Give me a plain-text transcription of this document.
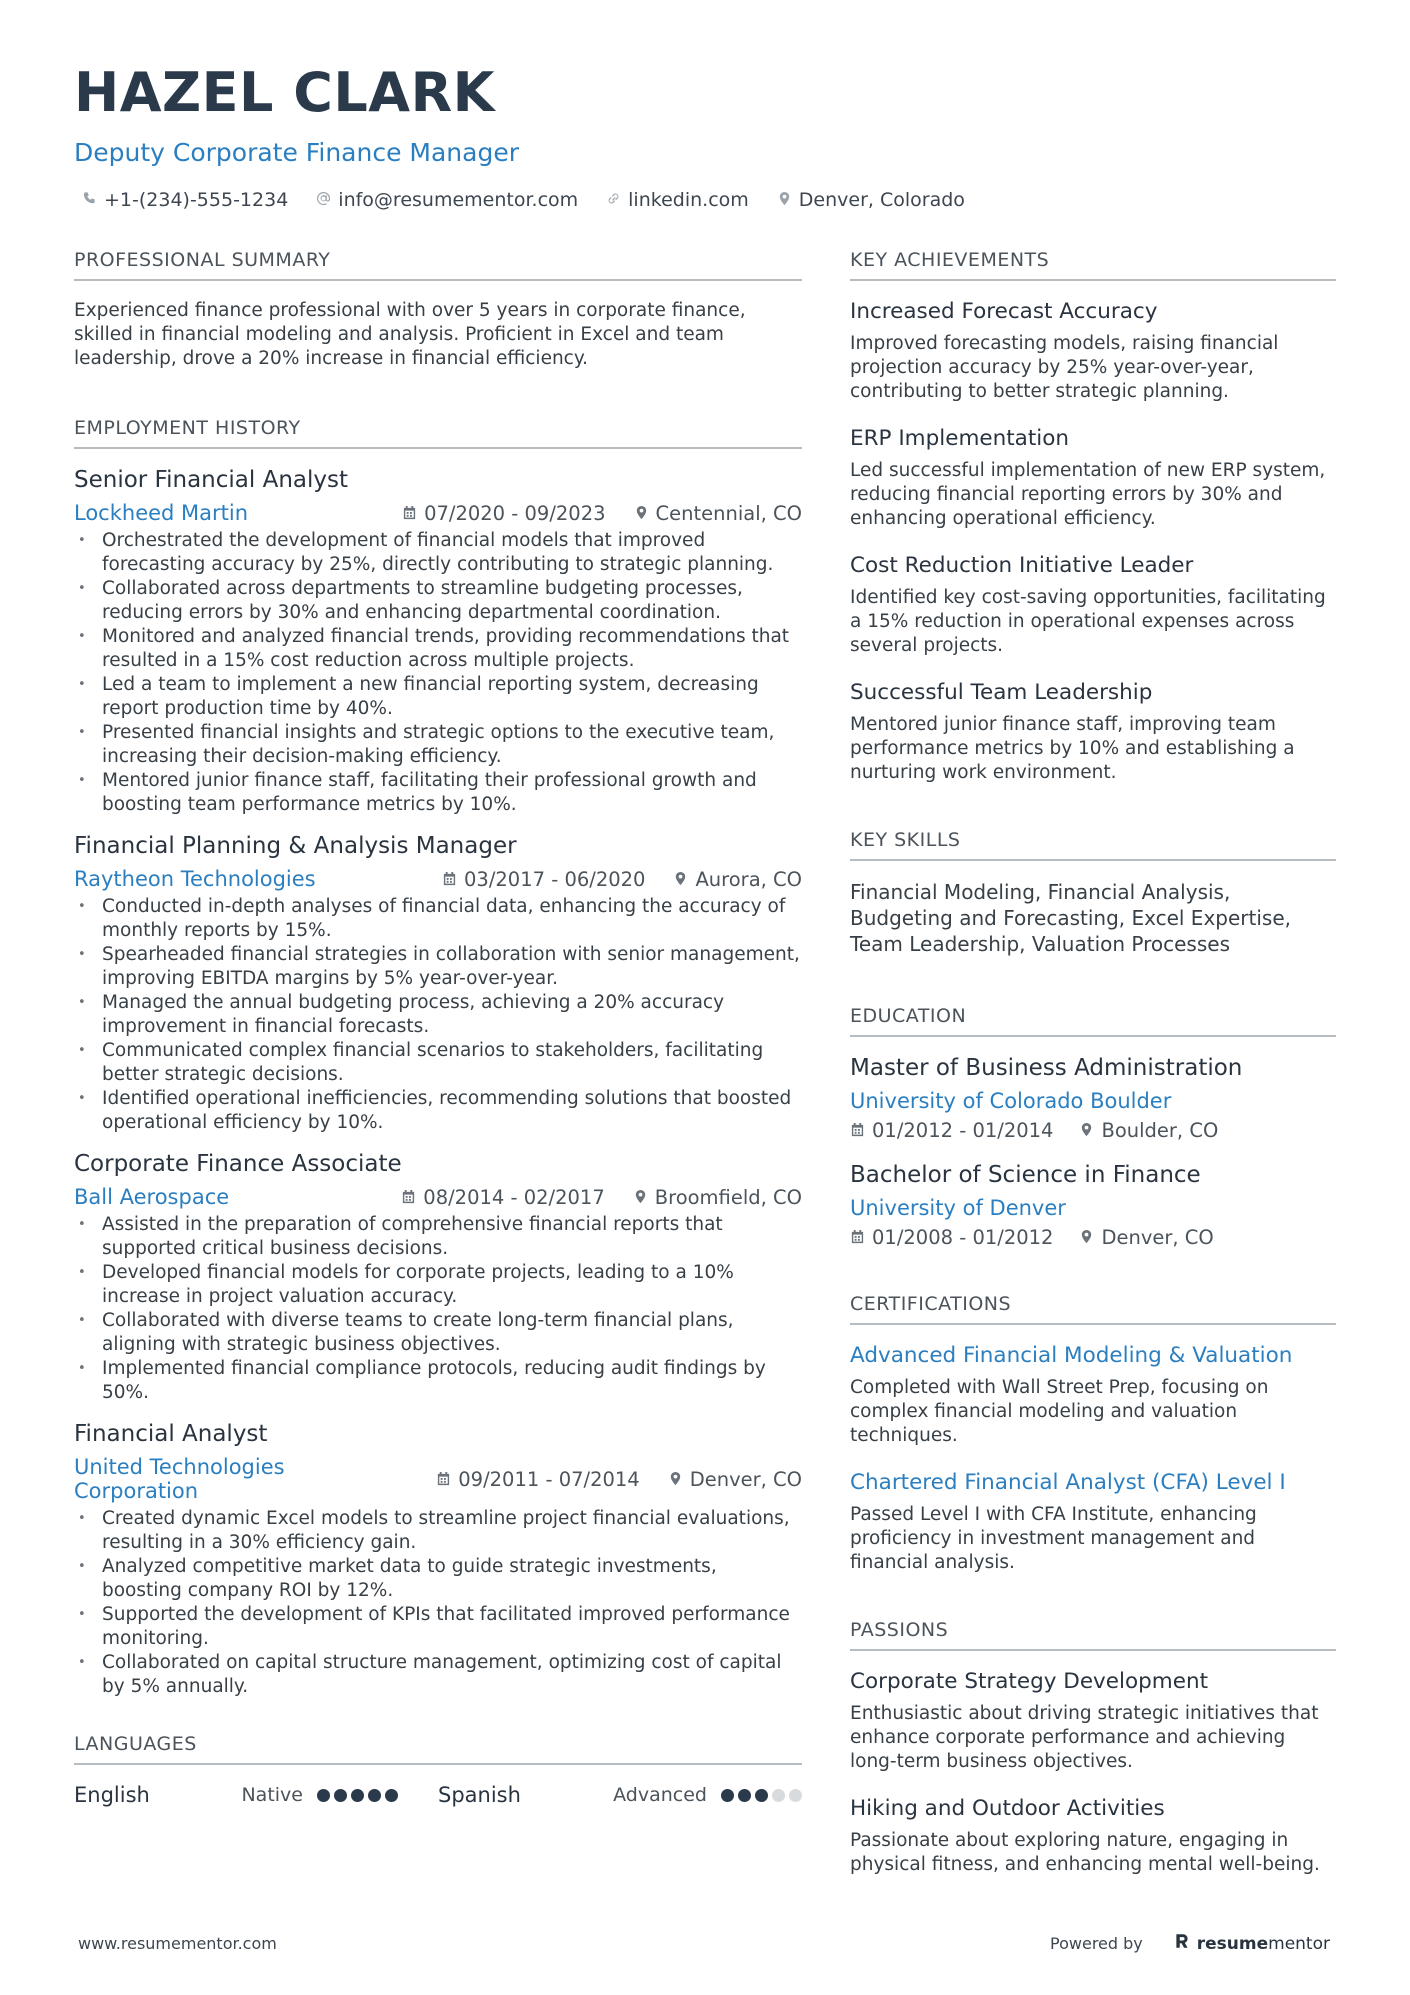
HAZEL CLARK
Deputy Corporate Finance Manager
+1-(234)-555-1234	info@resumementor.com	linkedin.com	Denver, Colorado
PROFESSIONAL SUMMARY
Experienced finance professional with over 5 years in corporate finance, skilled in financial modeling and analysis. Proficient in Excel and team leadership, drove a 20% increase in financial efficiency.
EMPLOYMENT HISTORY
Senior Financial Analyst
Lockheed Martin	07/2020 - 09/2023	Centennial, CO
• Orchestrated the development of financial models that improved forecasting accuracy by 25%, directly contributing to strategic planning.
• Collaborated across departments to streamline budgeting processes, reducing errors by 30% and enhancing departmental coordination.
• Monitored and analyzed financial trends, providing recommendations that resulted in a 15% cost reduction across multiple projects.
• Led a team to implement a new financial reporting system, decreasing report production time by 40%.
• Presented financial insights and strategic options to the executive team, increasing their decision-making efficiency.
• Mentored junior finance staff, facilitating their professional growth and boosting team performance metrics by 10%.
Financial Planning & Analysis Manager
Raytheon Technologies	03/2017 - 06/2020	Aurora, CO
• Conducted in-depth analyses of financial data, enhancing the accuracy of monthly reports by 15%.
• Spearheaded financial strategies in collaboration with senior management, improving EBITDA margins by 5% year-over-year.
• Managed the annual budgeting process, achieving a 20% accuracy improvement in financial forecasts.
• Communicated complex financial scenarios to stakeholders, facilitating better strategic decisions.
• Identified operational inefficiencies, recommending solutions that boosted operational efficiency by 10%.
Corporate Finance Associate
Ball Aerospace	08/2014 - 02/2017	Broomfield, CO
• Assisted in the preparation of comprehensive financial reports that supported critical business decisions.
• Developed financial models for corporate projects, leading to a 10% increase in project valuation accuracy.
• Collaborated with diverse teams to create long-term financial plans, aligning with strategic business objectives.
• Implemented financial compliance protocols, reducing audit findings by 50%.
Financial Analyst
United Technologies Corporation	09/2011 - 07/2014	Denver, CO
• Created dynamic Excel models to streamline project financial evaluations, resulting in a 30% efficiency gain.
• Analyzed competitive market data to guide strategic investments, boosting company ROI by 12%.
• Supported the development of KPIs that facilitated improved performance monitoring.
• Collaborated on capital structure management, optimizing cost of capital by 5% annually.
LANGUAGES
English	Native	Spanish	Advanced
KEY ACHIEVEMENTS
Increased Forecast Accuracy
Improved forecasting models, raising financial projection accuracy by 25% year-over-year, contributing to better strategic planning.
ERP Implementation
Led successful implementation of new ERP system, reducing financial reporting errors by 30% and enhancing operational efficiency.
Cost Reduction Initiative Leader
Identified key cost-saving opportunities, facilitating a 15% reduction in operational expenses across several projects.
Successful Team Leadership
Mentored junior finance staff, improving team performance metrics by 10% and establishing a nurturing work environment.
KEY SKILLS
Financial Modeling, Financial Analysis, Budgeting and Forecasting, Excel Expertise, Team Leadership, Valuation Processes
EDUCATION
Master of Business Administration
University of Colorado Boulder
01/2012 - 01/2014 Boulder, CO
Bachelor of Science in Finance
University of Denver
01/2008 - 01/2012 Denver, CO
CERTIFICATIONS
Advanced Financial Modeling & Valuation
Completed with Wall Street Prep, focusing on complex financial modeling and valuation techniques.
Chartered Financial Analyst (CFA) Level I
Passed Level I with CFA Institute, enhancing proficiency in investment management and financial analysis.
PASSIONS
Corporate Strategy Development
Enthusiastic about driving strategic initiatives that enhance corporate performance and achieving long-term business objectives.
Hiking and Outdoor Activities
Passionate about exploring nature, engaging in physical fitness, and enhancing mental well-being.
www.resumementor.com	Powered by	resumementor
